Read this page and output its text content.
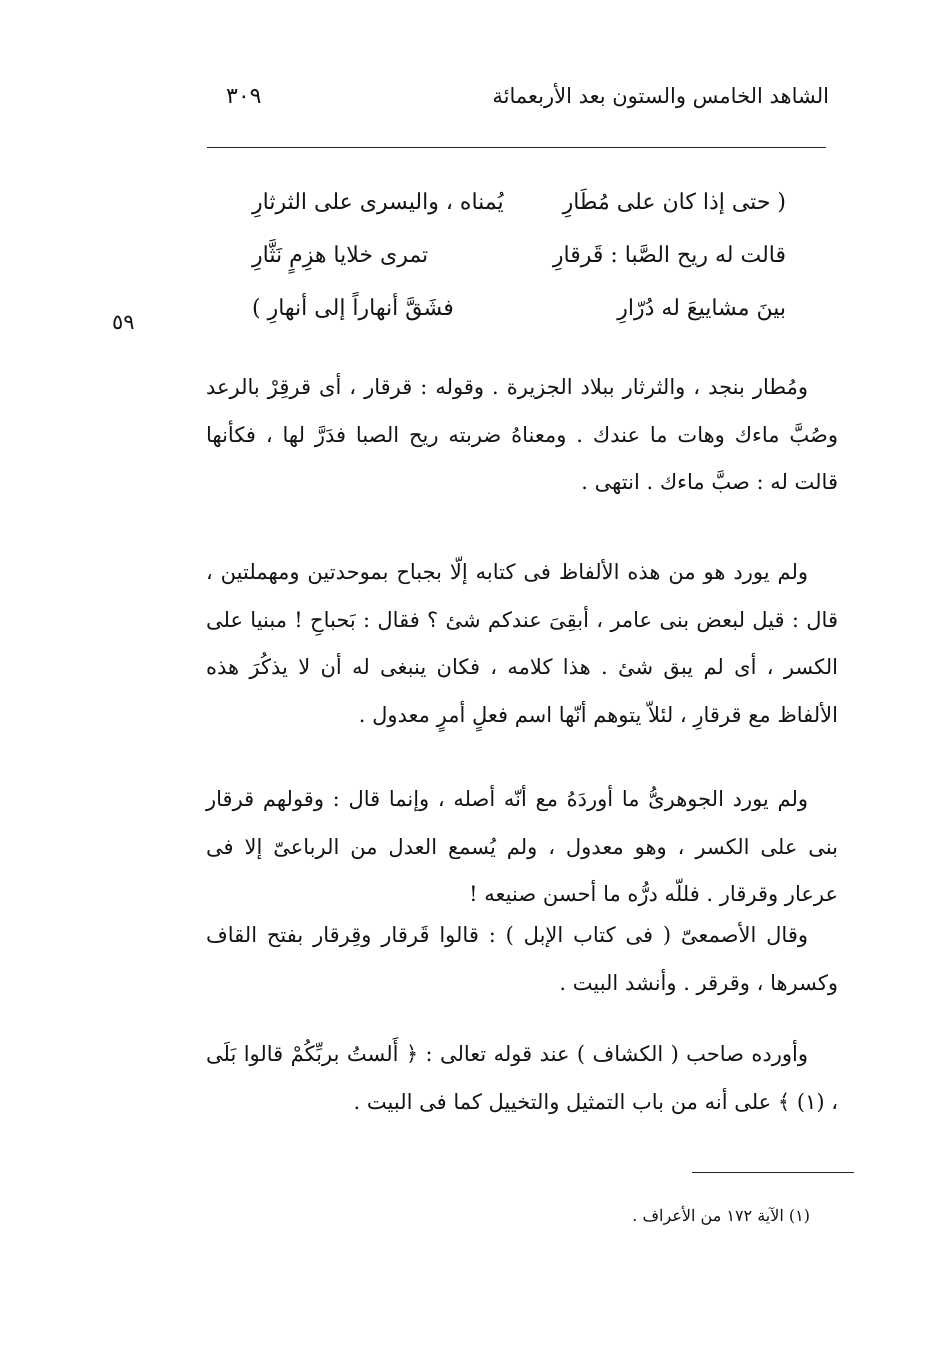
الشاهد الخامس والستون بعد الأربعمائة
٣٠٩
٥٩
( حتى إذا كان على مُطَارِ
يُمناه ، واليسرى على الثرثارِ
قالت له ريح الصَّبا : قَرقارِ
تمرى خلايا هزِمٍ نَثَّارِ
بينَ مشاييعَ له دُرّارِ
فشَقَّ أنهاراً إلى أنهارِ )
ومُطار بنجد ، والثرثار ببلاد الجزيرة . وقوله : قرقار ، أى قرقِرْ بالرعد وصُبَّ ماءك وهات ما عندك . ومعناهُ ضربته ريح الصبا فدَرَّ لها ، فكأنها قالت له : صبَّ ماءك . انتهى .
ولم يورد هو من هذه الألفاظ فى كتابه إلّا بجباح بموحدتين ومهملتين ، قال : قيل لبعض بنى عامر ، أبقِىَ عندكم شئ ؟ فقال : بَحباحِ ! مبنيا على الكسر ، أى لم يبق شئ . هذا كلامه ، فكان ينبغى له أن لا يذكُرَ هذه الألفاظ مع قرقارِ ، لئلاّ يتوهم أنّها اسم فعلٍ أمرٍ معدول .
ولم يورد الجوهرىُّ ما أوردَهُ مع أنّه أصله ، وإنما قال : وقولهم قرقار بنى على الكسر ، وهو معدول ، ولم يُسمع العدل من الرباعىّ إلا فى عرعار وقرقار . فللّه درُّه ما أحسن صنيعه !
وقال الأصمعىّ ( فى كتاب الإبل ) : قالوا قَرقار وقِرقار بفتح القاف وكسرها ، وقرقر . وأنشد البيت .
وأورده صاحب ( الكشاف ) عند قوله تعالى : ﴿ أَلستُ بربِّكُمْ قالوا بَلَى ، (١) ﴾ على أنه من باب التمثيل والتخييل كما فى البيت .
(١) الآية ١٧٢ من الأعراف .
